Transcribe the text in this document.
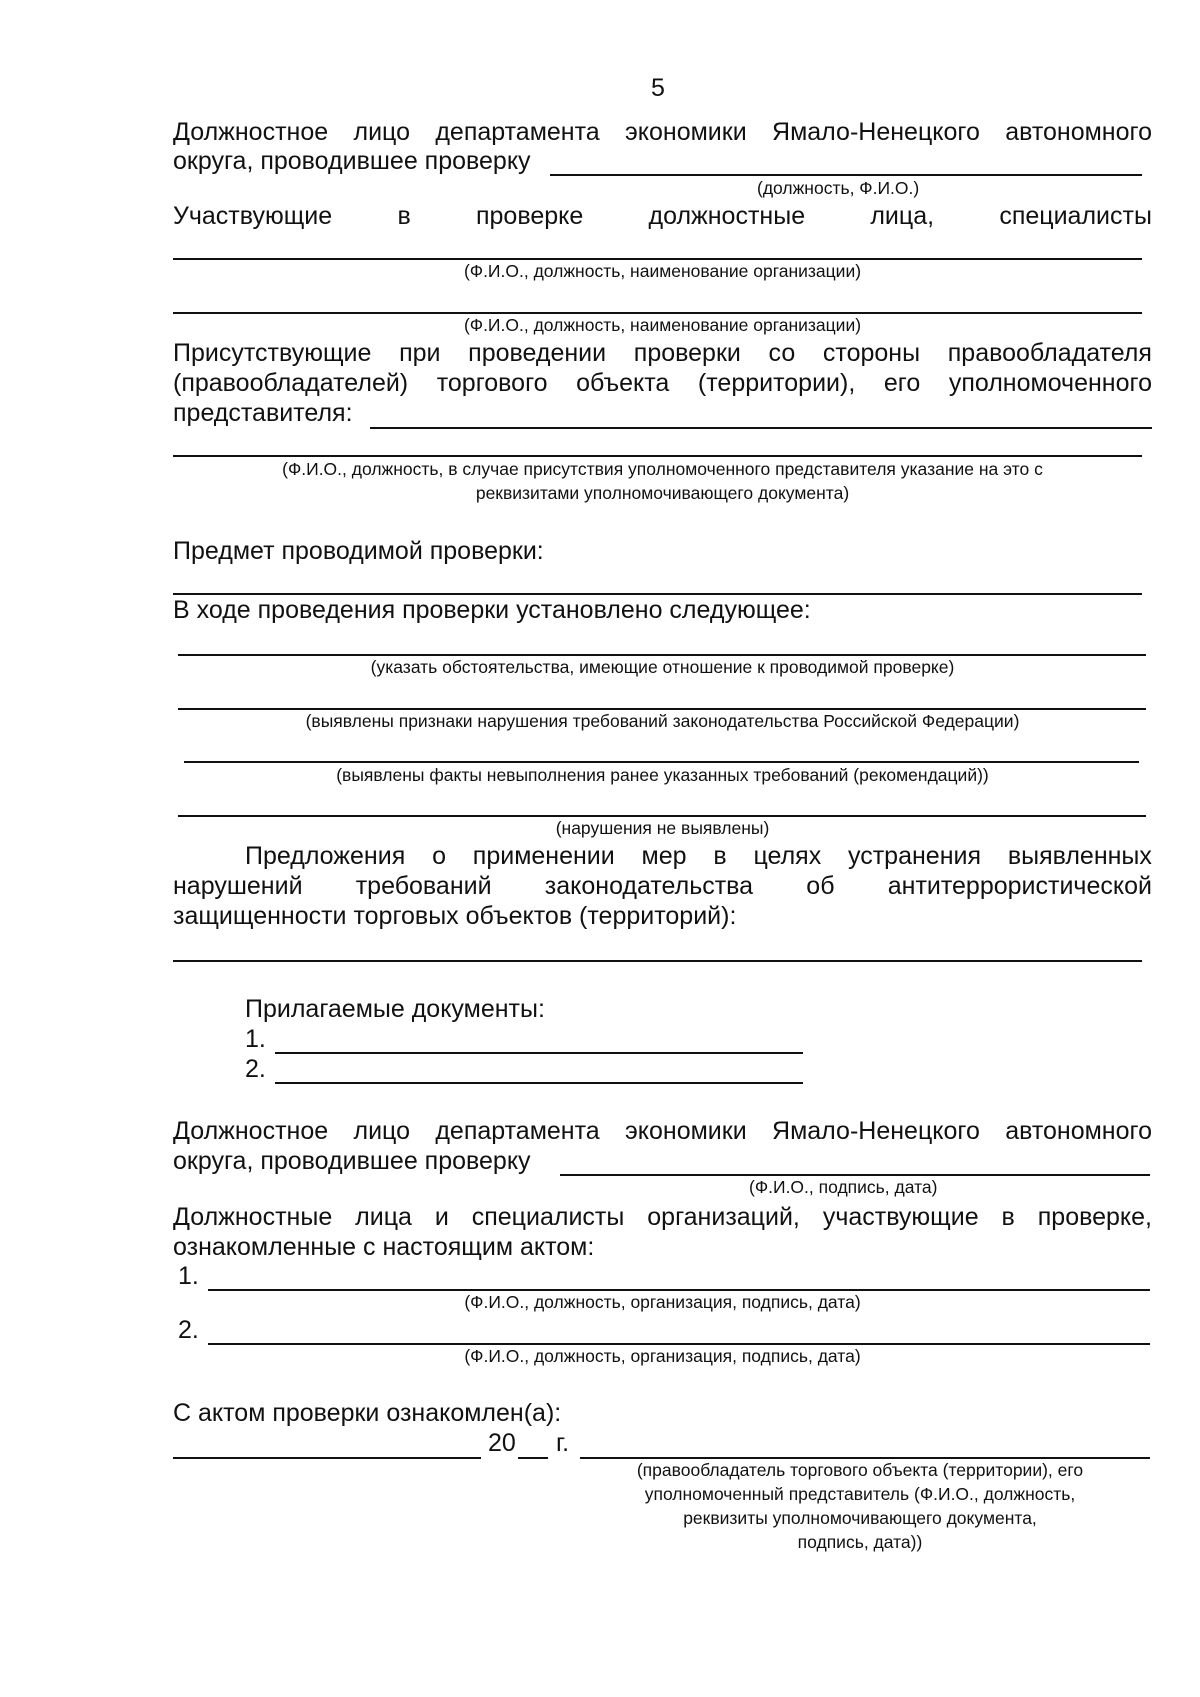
5
Должностное лицо департамента экономики Ямало-Ненецкого автономного
округа, проводившее проверку
(должность, Ф.И.О.)
Участвующие	в	проверке	должностные	лица,	специалисты
(Ф.И.О., должность, наименование организации)
(Ф.И.О., должность, наименование организации)
Присутствующие при проведении проверки со стороны правообладателя
(правообладателей) торгового объекта (территории), его уполномоченного
представителя:
(Ф.И.О., должность, в случае присутствия уполномоченного представителя указание на это с
реквизитами уполномочивающего документа)
Предмет проводимой проверки:
В ходе проведения проверки установлено следующее:
(указать обстоятельства, имеющие отношение к проводимой проверке)
(выявлены признаки нарушения требований законодательства Российской Федерации)
(выявлены факты невыполнения ранее указанных требований (рекомендаций))
(нарушения не выявлены)
Предложения о применении мер в целях устранения выявленных
нарушений требований законодательства об антитеррористической
защищенности торговых объектов (территорий):
Прилагаемые документы:
1.
2.
Должностное лицо департамента экономики Ямало-Ненецкого автономного
округа, проводившее проверку
(Ф.И.О., подпись, дата)
Должностные лица и специалисты организаций, участвующие в проверке,
ознакомленные с настоящим актом:
1.
(Ф.И.О., должность, организация, подпись, дата)
2.
(Ф.И.О., должность, организация, подпись, дата)
С актом проверки ознакомлен(а):
20 г.
(правообладатель торгового объекта (территории), его
уполномоченный представитель (Ф.И.О., должность,
реквизиты уполномочивающего документа,
подпись, дата))
